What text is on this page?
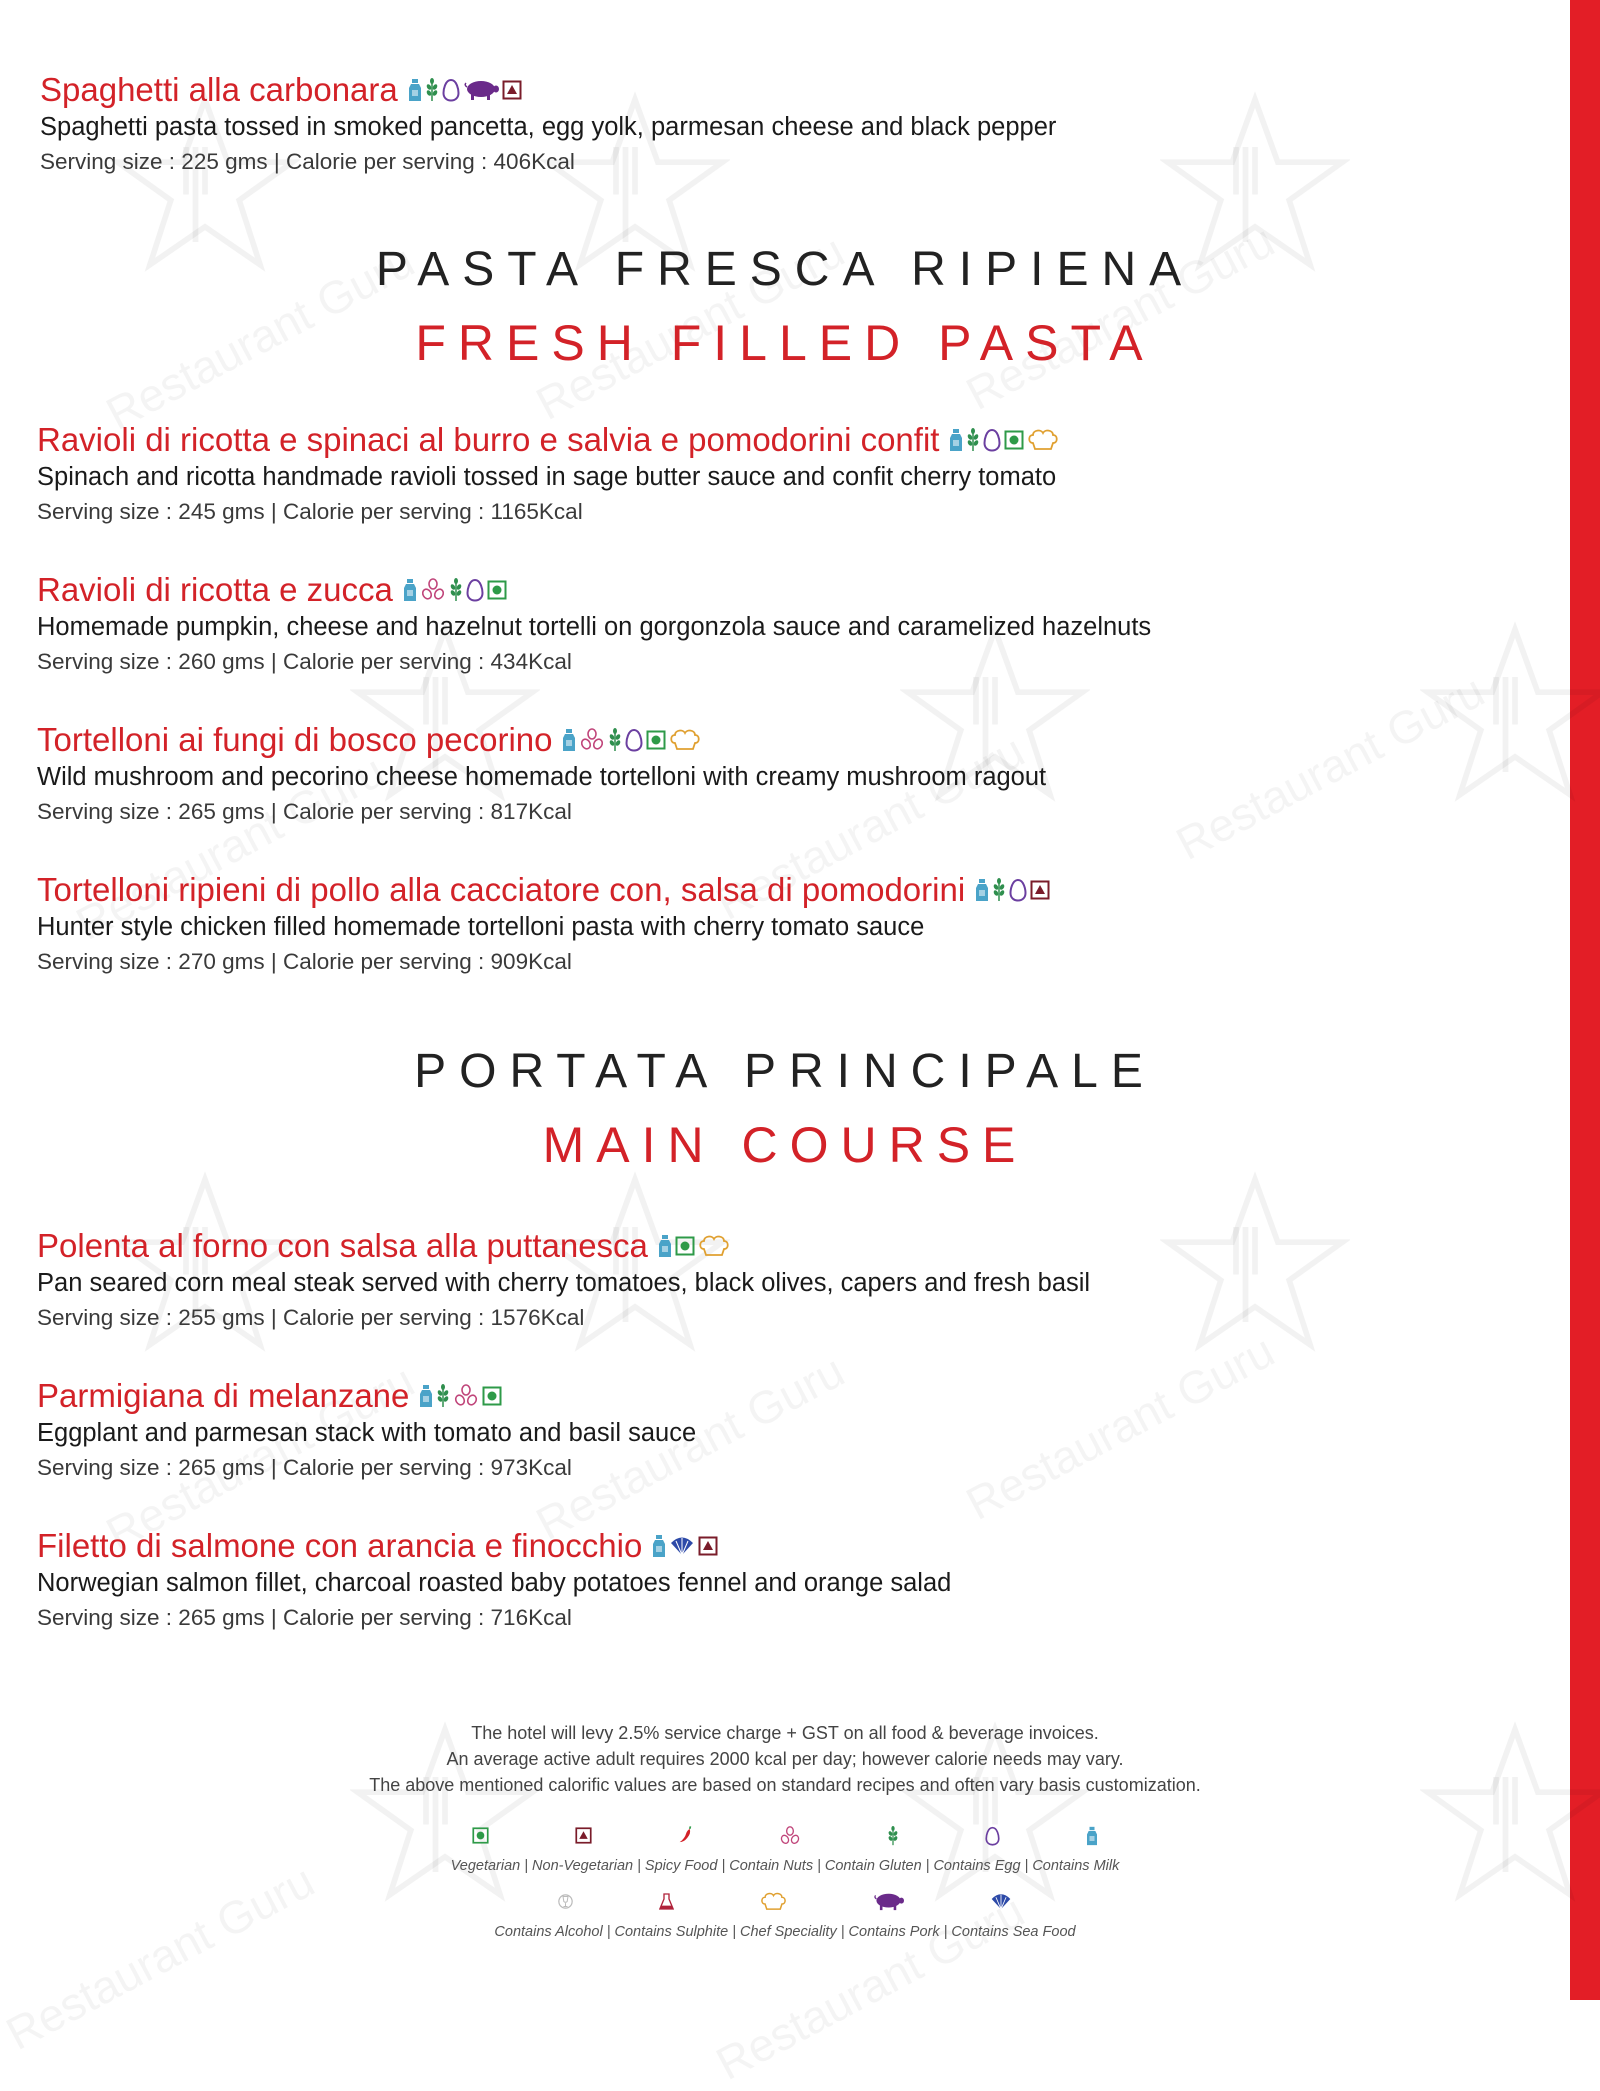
Spaghetti alla carbonara
Spaghetti pasta tossed in smoked pancetta, egg yolk, parmesan cheese and black pepper
Serving size : 225 gms | Calorie per serving : 406Kcal
PASTA FRESCA RIPIENA
FRESH FILLED PASTA
Ravioli di ricotta e spinaci al burro e salvia e pomodorini confit
Spinach and ricotta handmade ravioli tossed in sage butter sauce and confit cherry tomato
Serving size : 245 gms | Calorie per serving : 1165Kcal
Ravioli di ricotta e zucca
Homemade pumpkin, cheese and hazelnut tortelli on gorgonzola sauce and caramelized hazelnuts
Serving size : 260 gms | Calorie per serving : 434Kcal
Tortelloni ai fungi di bosco pecorino
Wild mushroom and pecorino cheese homemade tortelloni with creamy mushroom ragout
Serving size : 265 gms | Calorie per serving : 817Kcal
Tortelloni ripieni di pollo alla cacciatore con, salsa di pomodorini
Hunter style chicken filled homemade tortelloni pasta with cherry tomato sauce
Serving size : 270 gms | Calorie per serving : 909Kcal
PORTATA PRINCIPALE
MAIN COURSE
Polenta al forno con salsa alla puttanesca
Pan seared corn meal steak served with cherry tomatoes, black olives, capers and fresh basil
Serving size : 255 gms | Calorie per serving : 1576Kcal
Parmigiana di melanzane
Eggplant and parmesan stack with tomato and basil sauce
Serving size : 265 gms | Calorie per serving : 973Kcal
Filetto di salmone con arancia e finocchio
Norwegian salmon fillet, charcoal roasted baby potatoes fennel and orange salad
Serving size : 265 gms | Calorie per serving : 716Kcal
The hotel will levy 2.5% service charge + GST on all food & beverage invoices.
An average active adult requires 2000 kcal per day; however calorie needs may vary.
The above mentioned calorific values are based on standard recipes and often vary basis customization.
Vegetarian | Non-Vegetarian | Spicy Food | Contain Nuts | Contain Gluten | Contains Egg | Contains Milk
Contains Alcohol | Contains Sulphite | Chef Speciality | Contains Pork | Contains Sea Food
